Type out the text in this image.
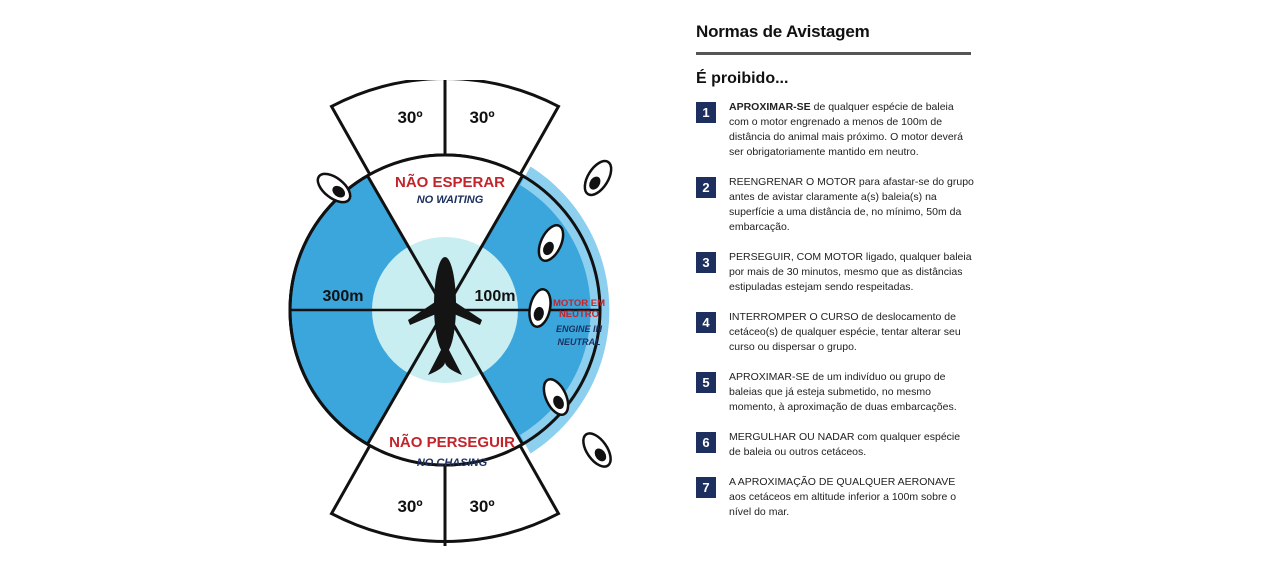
30º	30º
30º	30º
NÃO ESPERAR
NO WAITING
NÃO PERSEGUIR
NO CHASING
300m	100m	MOTOR EM
NEUTRO
ENGINE IN
NEUTRAL
Normas de Avistagem
É proibido...
1	APROXIMAR-SE de qualquer espécie de baleia com o motor engrenado a menos de 100m de distância do animal mais próximo. O motor deverá ser obrigatoriamente mantido em neutro.
2	REENGRENAR O MOTOR para afastar-se do grupo antes de avistar claramente a(s) baleia(s) na superfície a uma distância de, no mínimo, 50m da embarcação.
3	PERSEGUIR, COM MOTOR ligado, qualquer baleia por mais de 30 minutos, mesmo que as distâncias estipuladas estejam sendo respeitadas.
4	INTERROMPER O CURSO de deslocamento de cetáceo(s) de qualquer espécie, tentar alterar seu curso ou dispersar o grupo.
5	APROXIMAR-SE de um indivíduo ou grupo de baleias que já esteja submetido, no mesmo momento, à aproximação de duas embarcações.
6	MERGULHAR OU NADAR com qualquer espécie de baleia ou outros cetáceos.
7	A APROXIMAÇÃO DE QUALQUER AERONAVE aos cetáceos em altitude inferior a 100m sobre o nível do mar.
